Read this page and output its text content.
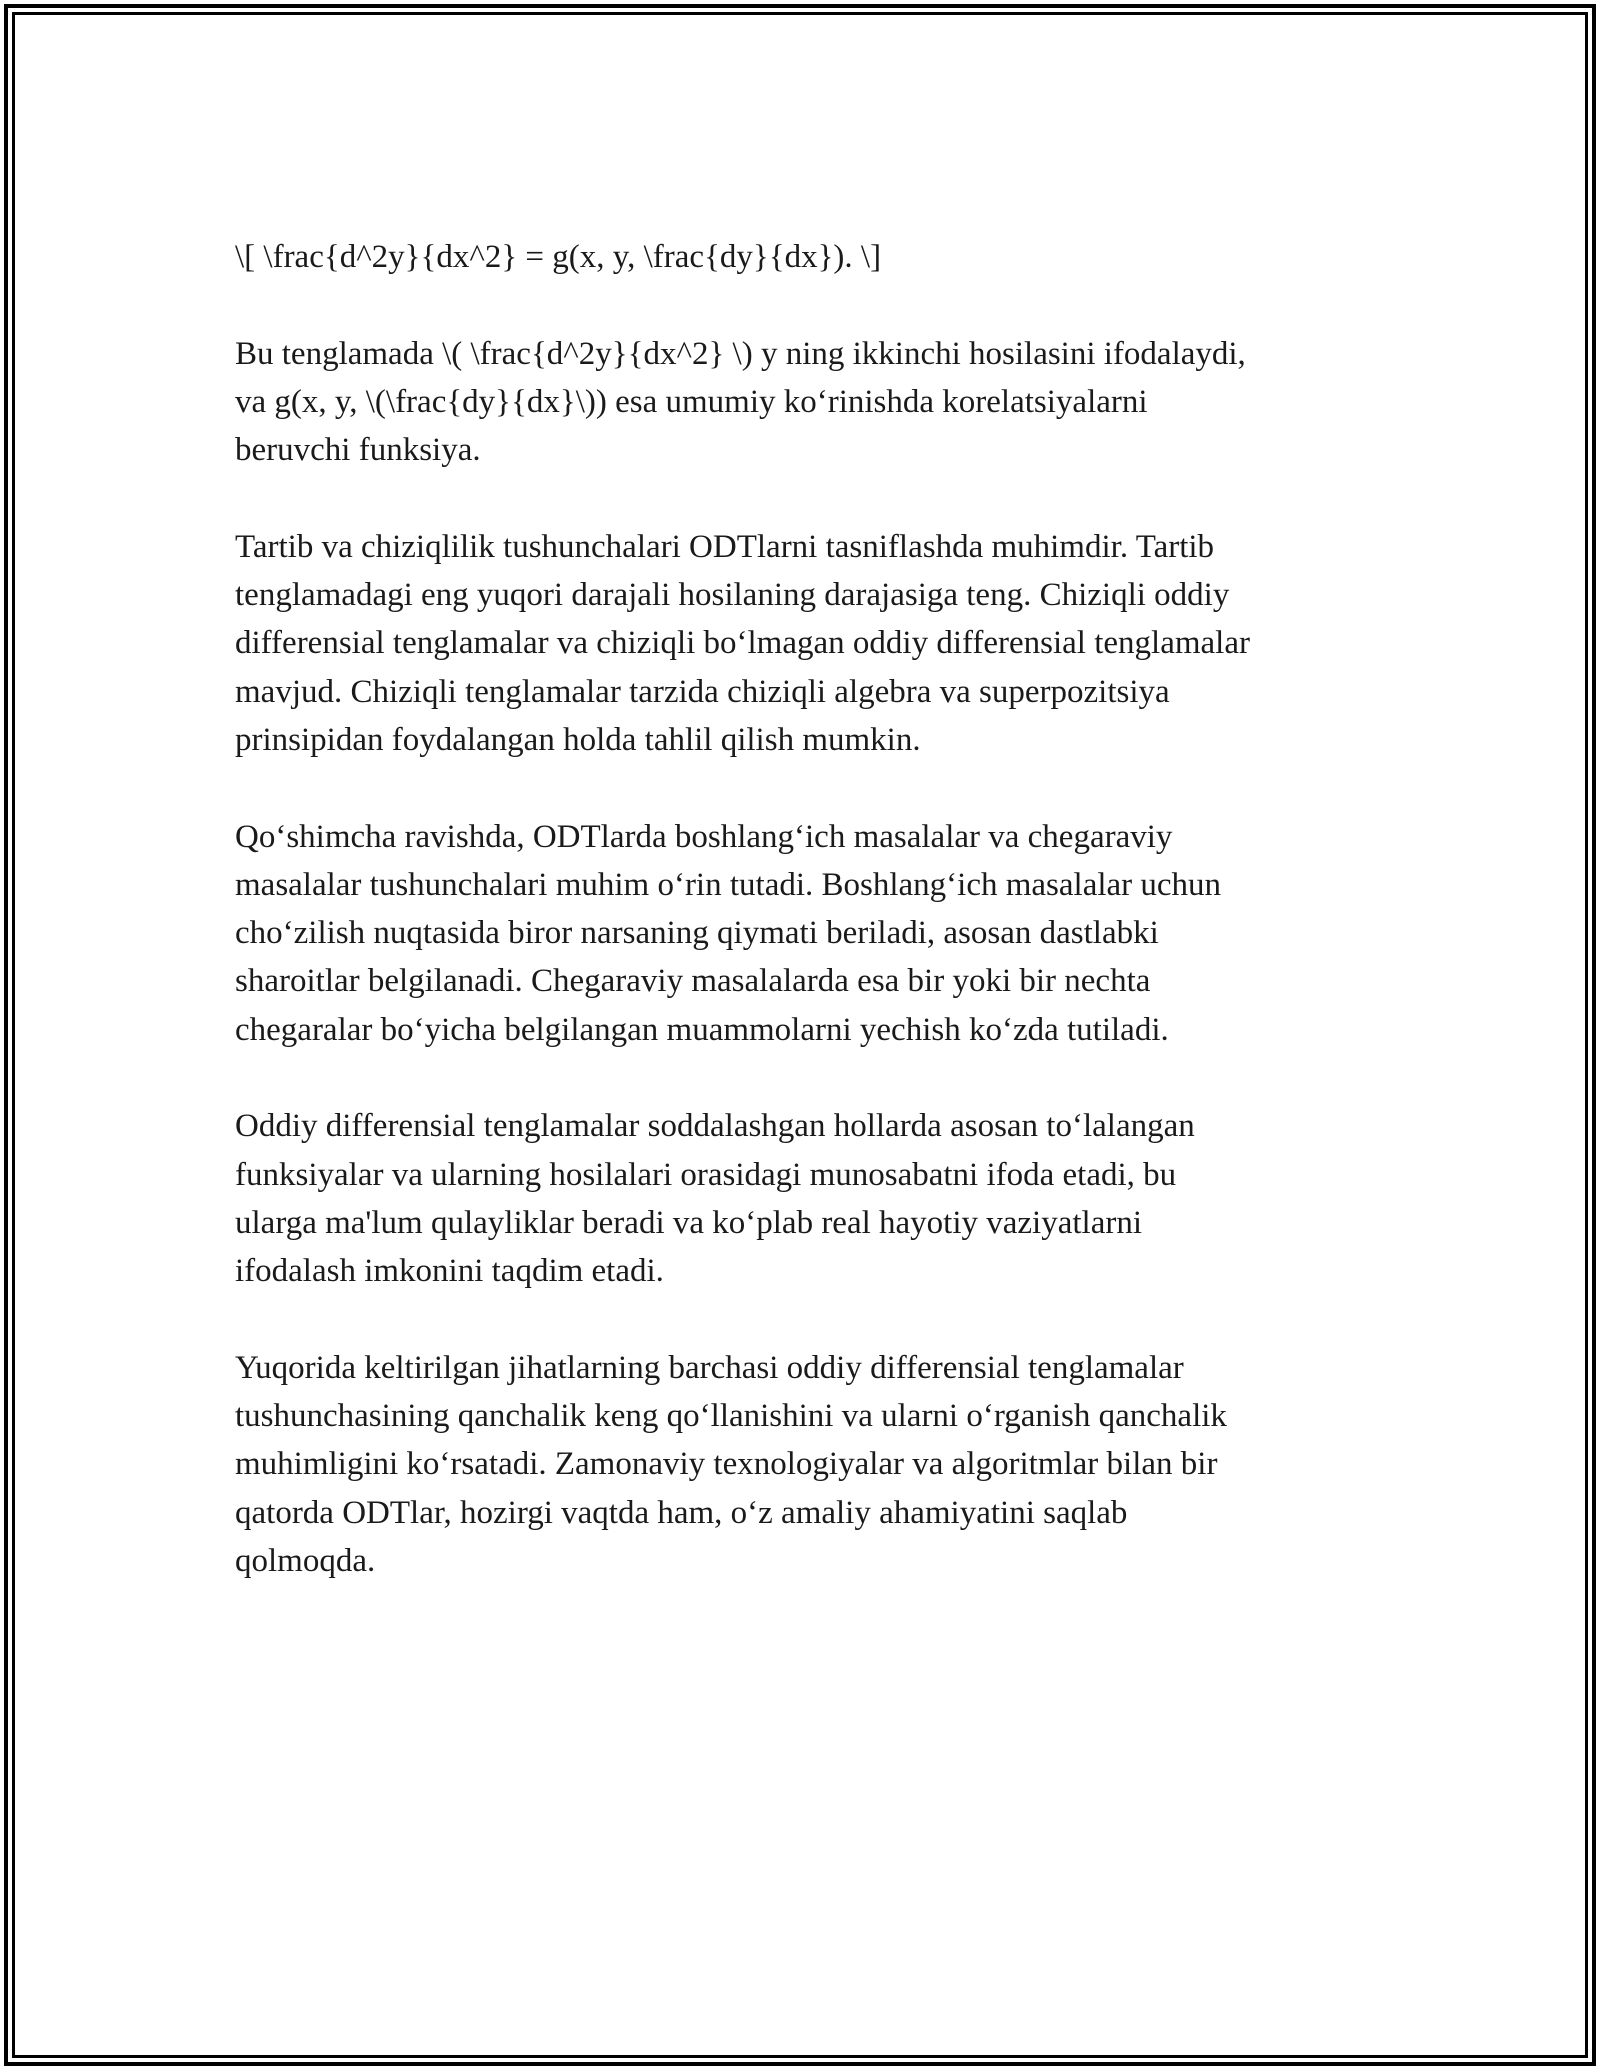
\[ \frac{d^2y}{dx^2} = g(x, y, \frac{dy}{dx}). \]

Bu tenglamada \( \frac{d^2y}{dx^2} \) y ning ikkinchi hosilasini ifodalaydi,
va g(x, y, \(\frac{dy}{dx}\)) esa umumiy ko‘rinishda korelatsiyalarni
beruvchi funksiya.

Tartib va chiziqlilik tushunchalari ODTlarni tasniflashda muhimdir. Tartib
tenglamadagi eng yuqori darajali hosilaning darajasiga teng. Chiziqli oddiy
differensial tenglamalar va chiziqli bo‘lmagan oddiy differensial tenglamalar
mavjud. Chiziqli tenglamalar tarzida chiziqli algebra va superpozitsiya
prinsipidan foydalangan holda tahlil qilish mumkin.

Qo‘shimcha ravishda, ODTlarda boshlang‘ich masalalar va chegaraviy
masalalar tushunchalari muhim o‘rin tutadi. Boshlang‘ich masalalar uchun
cho‘zilish nuqtasida biror narsaning qiymati beriladi, asosan dastlabki
sharoitlar belgilanadi. Chegaraviy masalalarda esa bir yoki bir nechta
chegaralar bo‘yicha belgilangan muammolarni yechish ko‘zda tutiladi.

Oddiy differensial tenglamalar soddalashgan hollarda asosan to‘lalangan
funksiyalar va ularning hosilalari orasidagi munosabatni ifoda etadi, bu
ularga ma'lum qulayliklar beradi va ko‘plab real hayotiy vaziyatlarni
ifodalash imkonini taqdim etadi.

Yuqorida keltirilgan jihatlarning barchasi oddiy differensial tenglamalar
tushunchasining qanchalik keng qo‘llanishini va ularni o‘rganish qanchalik
muhimligini ko‘rsatadi. Zamonaviy texnologiyalar va algoritmlar bilan bir
qatorda ODTlar, hozirgi vaqtda ham, o‘z amaliy ahamiyatini saqlab
qolmoqda.
